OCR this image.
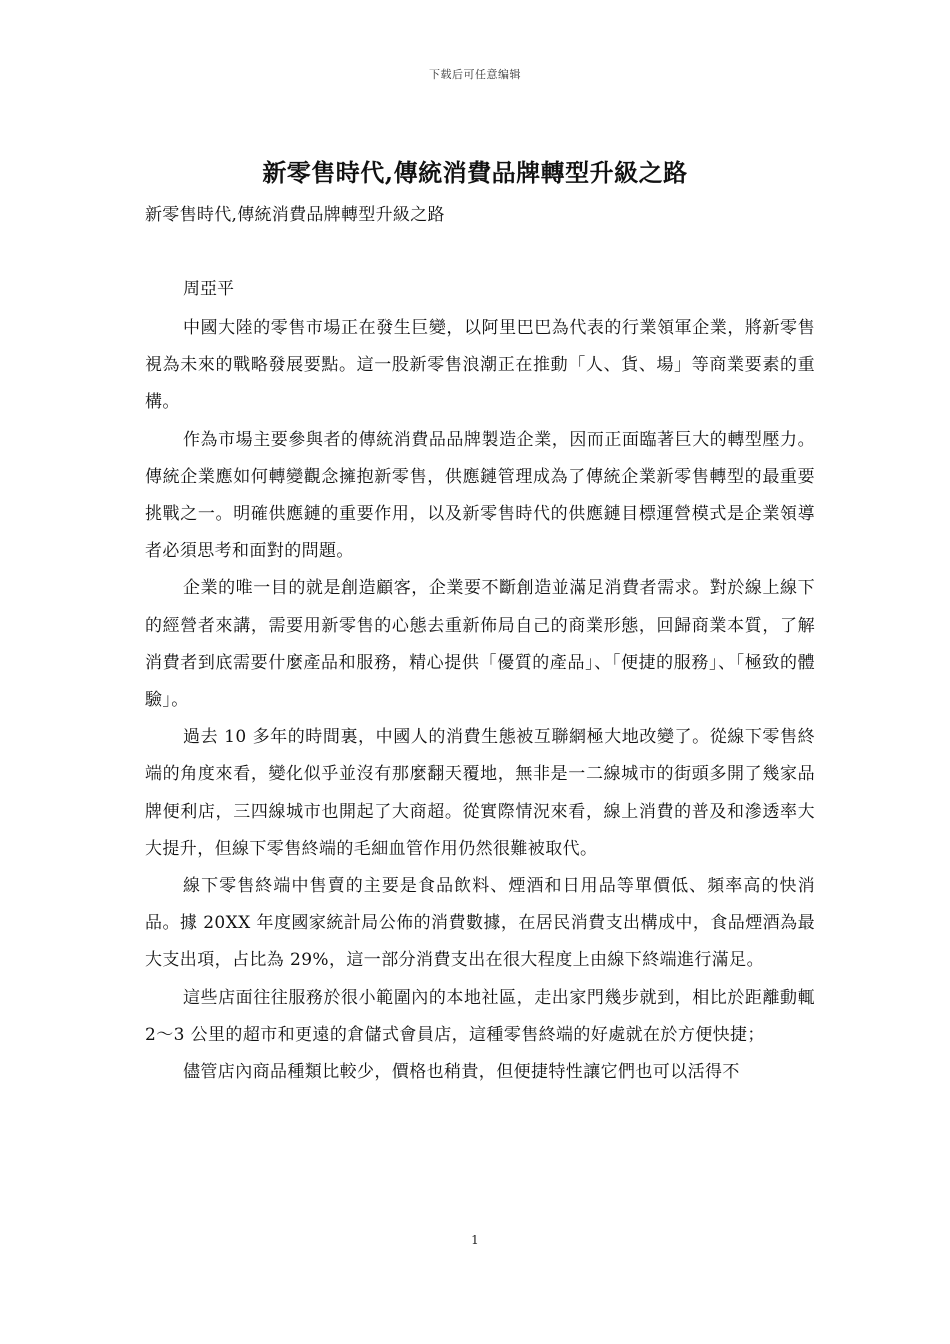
下载后可任意编辑
新零售時代,傳統消費品牌轉型升級之路
新零售時代,傳統消費品牌轉型升級之路
周亞平

中國大陸的零售市場正在發生巨變，以阿里巴巴為代表的行業領軍企業，將新零售視為未來的戰略發展要點。這一股新零售浪潮正在推動「人、貨、場」等商業要素的重構。

作為市場主要參與者的傳統消費品品牌製造企業，因而正面臨著巨大的轉型壓力。傳統企業應如何轉變觀念擁抱新零售，供應鏈管理成為了傳統企業新零售轉型的最重要挑戰之一。明確供應鏈的重要作用，以及新零售時代的供應鏈目標運營模式是企業領導者必須思考和面對的問題。

企業的唯一目的就是創造顧客，企業要不斷創造並滿足消費者需求。對於線上線下的經營者來講，需要用新零售的心態去重新佈局自己的商業形態，回歸商業本質，了解消費者到底需要什麼產品和服務，精心提供「優質的產品」、「便捷的服務」、「極致的體驗」。

過去 10 多年的時間裏，中國人的消費生態被互聯網極大地改變了。從線下零售終端的角度來看，變化似乎並沒有那麼翻天覆地，無非是一二線城市的街頭多開了幾家品牌便利店，三四線城市也開起了大商超。從實際情況來看，線上消費的普及和滲透率大大提升，但線下零售終端的毛細血管作用仍然很難被取代。

線下零售終端中售賣的主要是食品飲料、煙酒和日用品等單價低、頻率高的快消品。據 20XX 年度國家統計局公佈的消費數據，在居民消費支出構成中，食品煙酒為最大支出項，占比為 29%，這一部分消費支出在很大程度上由線下終端進行滿足。

這些店面往往服務於很小範圍內的本地社區，走出家門幾步就到，相比於距離動輒 2～3 公里的超市和更遠的倉儲式會員店，這種零售終端的好處就在於方便快捷；

儘管店內商品種類比較少，價格也稍貴，但便捷特性讓它們也可以活得不

1
